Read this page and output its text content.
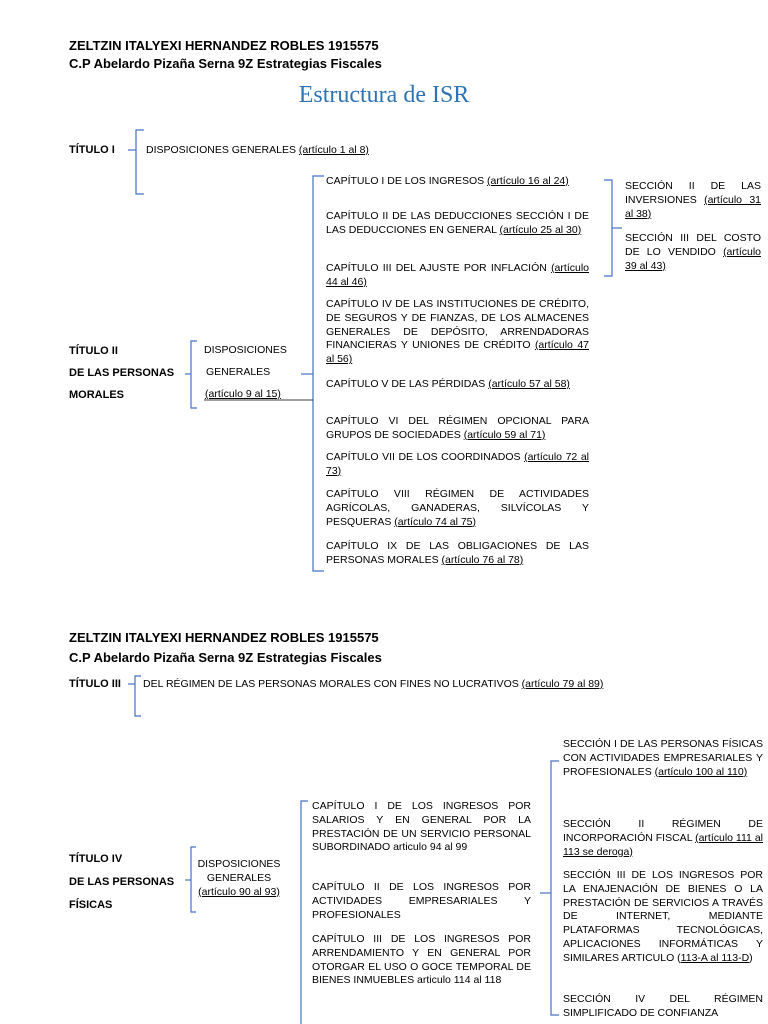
ZELTZIN ITALYEXI HERNANDEZ ROBLES 1915575
C.P Abelardo Pizaña Serna 9Z Estrategias Fiscales
Estructura de ISR
TÍTULO I	DISPOSICIONES GENERALES (artículo 1 al 8)
TÍTULO II
DE LAS PERSONAS
MORALES
DISPOSICIONES
GENERALES
(artículo 9 al 15)
CAPÍTULO I DE LOS INGRESOS (artículo 16 al 24)
CAPÍTULO II DE LAS DEDUCCIONES SECCIÓN I DE LAS DEDUCCIONES EN GENERAL (artículo 25 al 30)
CAPÍTULO III DEL AJUSTE POR INFLACIÓN (artículo 44 al 46)
CAPÍTULO IV DE LAS INSTITUCIONES DE CRÉDITO, DE SEGUROS Y DE FIANZAS, DE LOS ALMACENES GENERALES DE DEPÓSITO, ARRENDADORAS FINANCIERAS Y UNIONES DE CRÉDITO (artículo 47 al 56)
CAPÍTULO V DE LAS PÉRDIDAS (artículo 57 al 58)
CAPÍTULO VI DEL RÉGIMEN OPCIONAL PARA GRUPOS DE SOCIEDADES (artículo 59 al 71)
CAPÍTULO VII DE LOS COORDINADOS (artículo 72 al 73)
CAPÍTULO VIII RÉGIMEN DE ACTIVIDADES AGRÍCOLAS, GANADERAS, SILVÍCOLAS Y PESQUERAS (artículo 74 al 75)
CAPÍTULO IX DE LAS OBLIGACIONES DE LAS PERSONAS MORALES (artículo 76 al 78)
SECCIÓN II DE LAS INVERSIONES (artículo 31 al 38)
SECCIÓN III DEL COSTO DE LO VENDIDO (artículo 39 al 43)
ZELTZIN ITALYEXI HERNANDEZ ROBLES 1915575
C.P Abelardo Pizaña Serna 9Z Estrategias Fiscales
TÍTULO III DEL RÉGIMEN DE LAS PERSONAS MORALES CON FINES NO LUCRATIVOS (artículo 79 al 89)
TÍTULO IV
DE LAS PERSONAS
FÍSICAS
DISPOSICIONES
GENERALES
(artículo 90 al 93)
CAPÍTULO I DE LOS INGRESOS POR SALARIOS Y EN GENERAL POR LA PRESTACIÓN DE UN SERVICIO PERSONAL SUBORDINADO articulo 94 al 99
CAPÍTULO II DE LOS INGRESOS POR ACTIVIDADES EMPRESARIALES Y PROFESIONALES
CAPÍTULO III DE LOS INGRESOS POR ARRENDAMIENTO Y EN GENERAL POR OTORGAR EL USO O GOCE TEMPORAL DE BIENES INMUEBLES articulo 114 al 118
SECCIÓN I DE LAS PERSONAS FÍSICAS CON ACTIVIDADES EMPRESARIALES Y PROFESIONALES (artículo 100 al 110)
SECCIÓN II RÉGIMEN DE INCORPORACIÓN FISCAL (artículo 111 al 113 se deroga)
SECCIÓN III DE LOS INGRESOS POR LA ENAJENACIÓN DE BIENES O LA PRESTACIÓN DE SERVICIOS A TRAVÉS DE INTERNET, MEDIANTE PLATAFORMAS TECNOLÓGICAS, APLICACIONES INFORMÁTICAS Y SIMILARES ARTICULO (113-A al 113-D)
SECCIÓN IV DEL RÉGIMEN SIMPLIFICADO DE CONFIANZA
